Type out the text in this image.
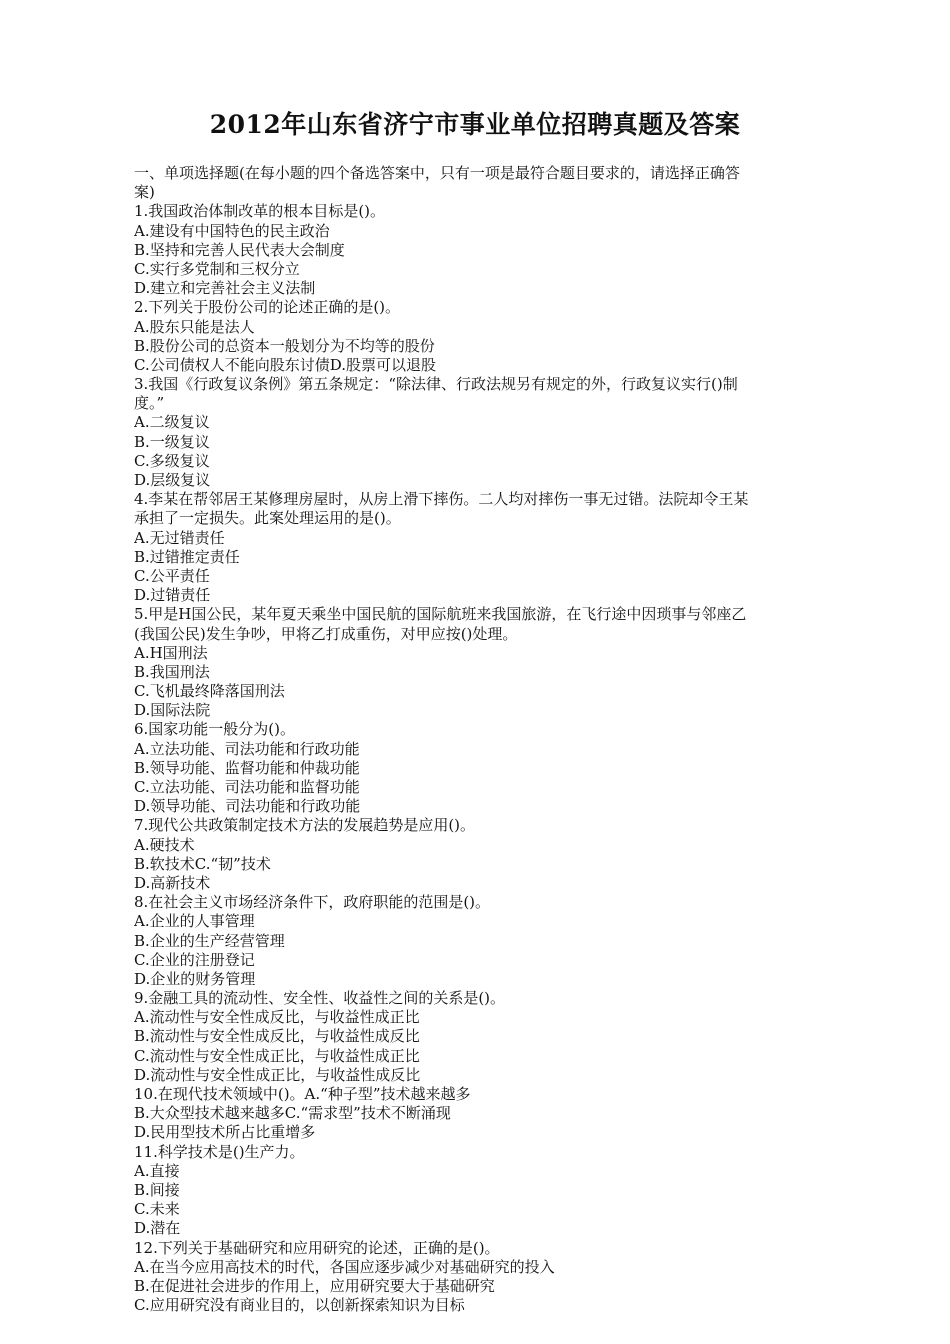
2012年山东省济宁市事业单位招聘真题及答案
一、单项选择题(在每小题的四个备选答案中，只有一项是最符合题目要求的，请选择正确答
案)
1.我国政治体制改革的根本目标是()。
A.建设有中国特色的民主政治
B.坚持和完善人民代表大会制度
C.实行多党制和三权分立
D.建立和完善社会主义法制
2.下列关于股份公司的论述正确的是()。
A.股东只能是法人
B.股份公司的总资本一般划分为不均等的股份
C.公司债权人不能向股东讨债D.股票可以退股
3.我国《行政复议条例》第五条规定：“除法律、行政法规另有规定的外，行政复议实行()制
度。”
A.二级复议
B.一级复议
C.多级复议
D.层级复议
4.李某在帮邻居王某修理房屋时，从房上滑下摔伤。二人均对摔伤一事无过错。法院却令王某
承担了一定损失。此案处理运用的是()。
A.无过错责任
B.过错推定责任
C.公平责任
D.过错责任
5.甲是H国公民，某年夏天乘坐中国民航的国际航班来我国旅游，在飞行途中因琐事与邻座乙
(我国公民)发生争吵，甲将乙打成重伤，对甲应按()处理。
A.H国刑法
B.我国刑法
C.飞机最终降落国刑法
D.国际法院
6.国家功能一般分为()。
A.立法功能、司法功能和行政功能
B.领导功能、监督功能和仲裁功能
C.立法功能、司法功能和监督功能
D.领导功能、司法功能和行政功能
7.现代公共政策制定技术方法的发展趋势是应用()。
A.硬技术
B.软技术C.“韧”技术
D.高新技术
8.在社会主义市场经济条件下，政府职能的范围是()。
A.企业的人事管理
B.企业的生产经营管理
C.企业的注册登记
D.企业的财务管理
9.金融工具的流动性、安全性、收益性之间的关系是()。
A.流动性与安全性成反比，与收益性成正比
B.流动性与安全性成反比，与收益性成反比
C.流动性与安全性成正比，与收益性成正比
D.流动性与安全性成正比，与收益性成反比
10.在现代技术领域中()。A.“种子型”技术越来越多
B.大众型技术越来越多C.“需求型”技术不断涌现
D.民用型技术所占比重增多
11.科学技术是()生产力。
A.直接
B.间接
C.未来
D.潜在
12.下列关于基础研究和应用研究的论述，正确的是()。
A.在当今应用高技术的时代，各国应逐步减少对基础研究的投入
B.在促进社会进步的作用上，应用研究要大于基础研究
C.应用研究没有商业目的，以创新探索知识为目标
